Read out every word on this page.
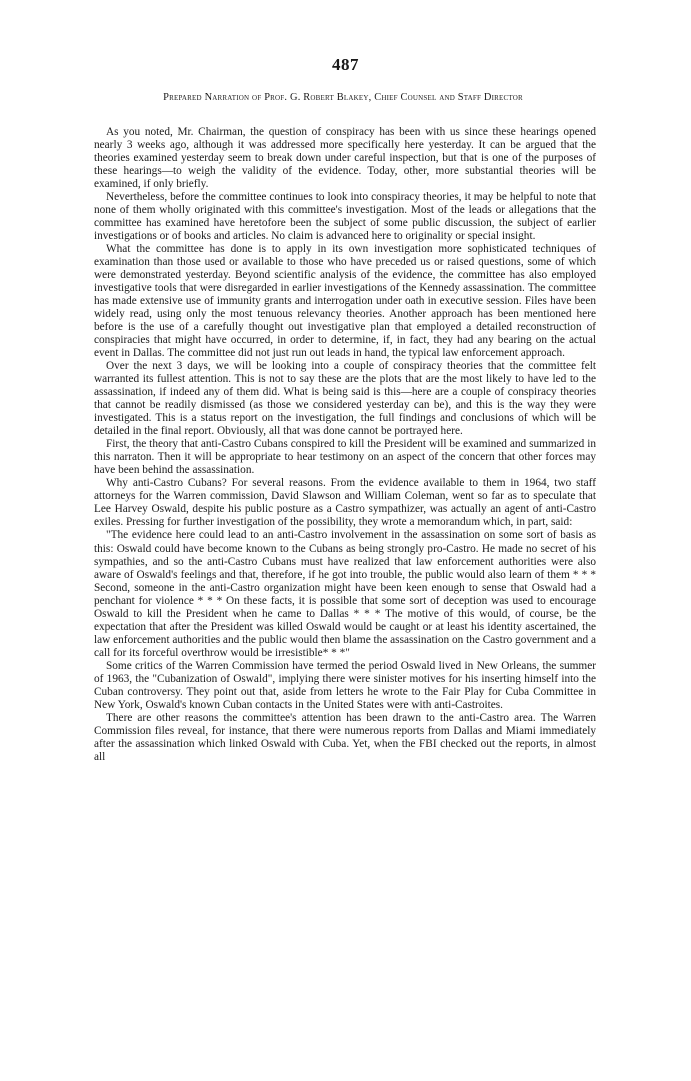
487
Prepared Narration of Prof. G. Robert Blakey, Chief Counsel and Staff Director

As you noted, Mr. Chairman, the question of conspiracy has been with us since these hearings opened nearly 3 weeks ago, although it was addressed more specifically here yesterday. It can be argued that the theories examined yesterday seem to break down under careful inspection, but that is one of the purposes of these hearings—to weigh the validity of the evidence. Today, other, more substantial theories will be examined, if only briefly.

Nevertheless, before the committee continues to look into conspiracy theories, it may be helpful to note that none of them wholly originated with this committee's investigation. Most of the leads or allegations that the committee has examined have heretofore been the subject of some public discussion, the subject of earlier investigations or of books and articles. No claim is advanced here to originality or special insight.

What the committee has done is to apply in its own investigation more sophisticated techniques of examination than those used or available to those who have preceded us or raised questions, some of which were demonstrated yesterday. Beyond scientific analysis of the evidence, the committee has also employed investigative tools that were disregarded in earlier investigations of the Kennedy assassination. The committee has made extensive use of immunity grants and interrogation under oath in executive session. Files have been widely read, using only the most tenuous relevancy theories. Another approach has been mentioned here before is the use of a carefully thought out investigative plan that employed a detailed reconstruction of conspiracies that might have occurred, in order to determine, if, in fact, they had any bearing on the actual event in Dallas. The committee did not just run out leads in hand, the typical law enforcement approach.

Over the next 3 days, we will be looking into a couple of conspiracy theories that the committee felt warranted its fullest attention. This is not to say these are the plots that are the most likely to have led to the assassination, if indeed any of them did. What is being said is this—here are a couple of conspiracy theories that cannot be readily dismissed (as those we considered yesterday can be), and this is the way they were investigated. This is a status report on the investigation, the full findings and conclusions of which will be detailed in the final report. Obviously, all that was done cannot be portrayed here.

First, the theory that anti-Castro Cubans conspired to kill the President will be examined and summarized in this narraton. Then it will be appropriate to hear testimony on an aspect of the concern that other forces may have been behind the assassination.

Why anti-Castro Cubans? For several reasons. From the evidence available to them in 1964, two staff attorneys for the Warren commission, David Slawson and William Coleman, went so far as to speculate that Lee Harvey Oswald, despite his public posture as a Castro sympathizer, was actually an agent of anti-Castro exiles. Pressing for further investigation of the possibility, they wrote a memorandum which, in part, said:

"The evidence here could lead to an anti-Castro involvement in the assassination on some sort of basis as this: Oswald could have become known to the Cubans as being strongly pro-Castro. He made no secret of his sympathies, and so the anti-Castro Cubans must have realized that law enforcement authorities were also aware of Oswald's feelings and that, therefore, if he got into trouble, the public would also learn of them * * * Second, someone in the anti-Castro organization might have been keen enough to sense that Oswald had a penchant for violence * * * On these facts, it is possible that some sort of deception was used to encourage Oswald to kill the President when he came to Dallas * * * The motive of this would, of course, be the expectation that after the President was killed Oswald would be caught or at least his identity ascertained, the law enforcement authorities and the public would then blame the assassination on the Castro government and a call for its forceful overthrow would be irresistible* * *"

Some critics of the Warren Commission have termed the period Oswald lived in New Orleans, the summer of 1963, the "Cubanization of Oswald", implying there were sinister motives for his inserting himself into the Cuban controversy. They point out that, aside from letters he wrote to the Fair Play for Cuba Committee in New York, Oswald's known Cuban contacts in the United States were with anti-Castroites.

There are other reasons the committee's attention has been drawn to the anti-Castro area. The Warren Commission files reveal, for instance, that there were numerous reports from Dallas and Miami immediately after the assassination which linked Oswald with Cuba. Yet, when the FBI checked out the reports, in almost all
